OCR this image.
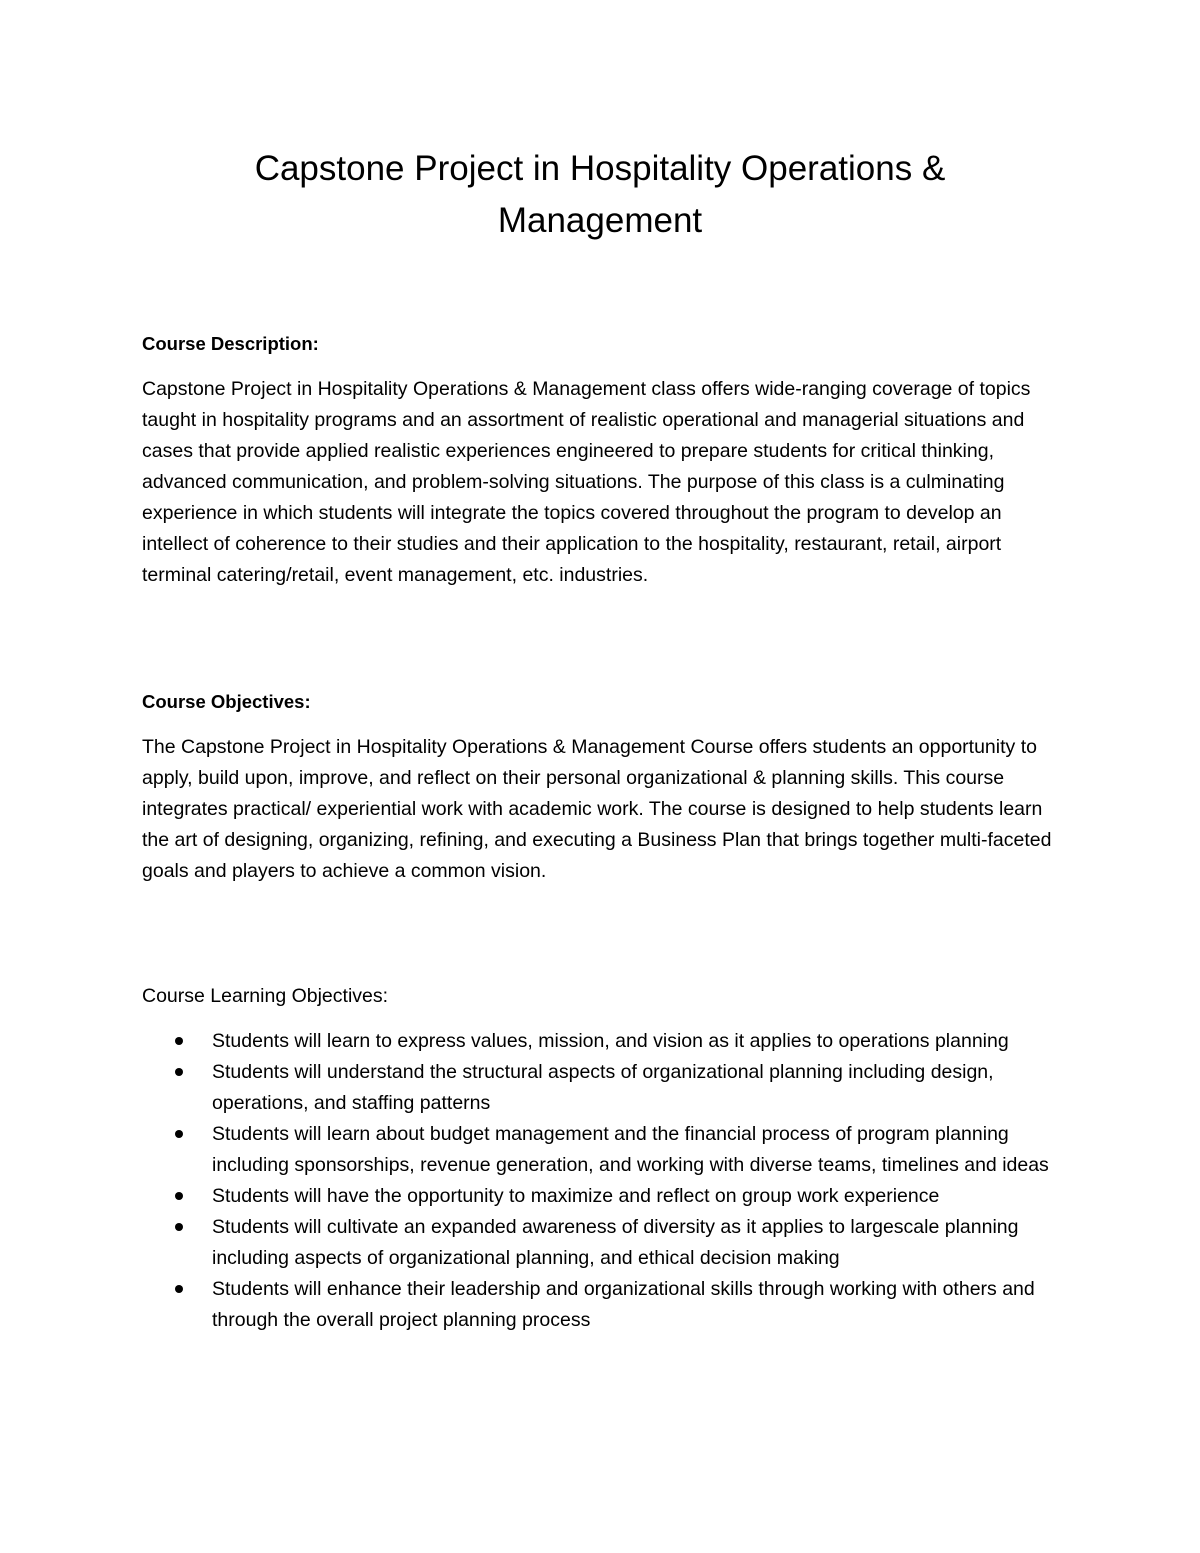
Capstone Project in Hospitality Operations &
Management

Course Description:

Capstone Project in Hospitality Operations & Management class offers wide-ranging coverage of topics taught in hospitality programs and an assortment of realistic operational and managerial situations and cases that provide applied realistic experiences engineered to prepare students for critical thinking, advanced communication, and problem-solving situations. The purpose of this class is a culminating experience in which students will integrate the topics covered throughout the program to develop an intellect of coherence to their studies and their application to the hospitality, restaurant, retail, airport terminal catering/retail, event management, etc. industries.

Course Objectives:

The Capstone Project in Hospitality Operations & Management Course offers students an opportunity to apply, build upon, improve, and reflect on their personal organizational & planning skills. This course integrates practical/ experiential work with academic work. The course is designed to help students learn the art of designing, organizing, refining, and executing a Business Plan that brings together multi-faceted goals and players to achieve a common vision.

Course Learning Objectives:

Students will learn to express values, mission, and vision as it applies to operations planning
Students will understand the structural aspects of organizational planning including design, operations, and staffing patterns
Students will learn about budget management and the financial process of program planning including sponsorships, revenue generation, and working with diverse teams, timelines and ideas
Students will have the opportunity to maximize and reflect on group work experience
Students will cultivate an expanded awareness of diversity as it applies to largescale planning including aspects of organizational planning, and ethical decision making
Students will enhance their leadership and organizational skills through working with others and through the overall project planning process
